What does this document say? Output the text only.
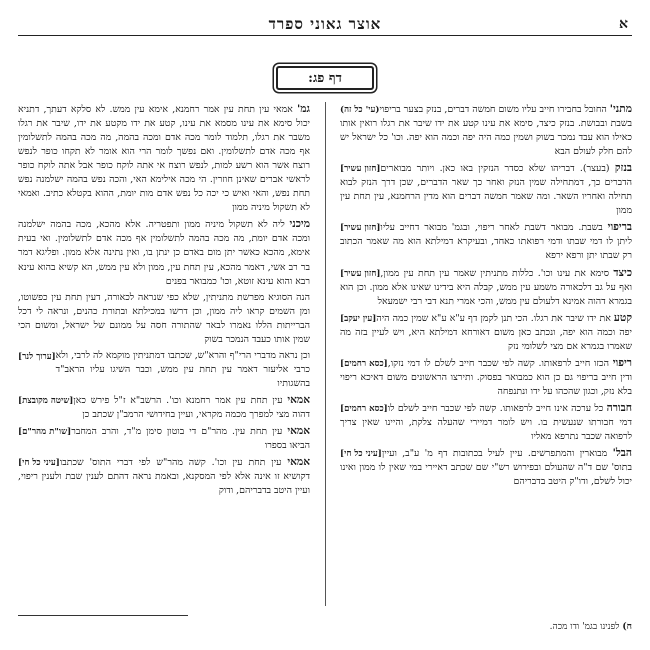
אוצר גאוני ספרד	א
דף פג:
(עי' כל זה)	מתני' החובל בחבירו חייב עליו משום חמשה דברים, בנזק בצער בריפוי בשבת ובבושת. בנזק כיצד, סימא את עינו קטע את ידו שיבר את רגלו רואין אותו כאילו הוא עבד נמכר בשוק ושמין כמה היה יפה וכמה הוא יפה. וכו' כל ישראל יש להם חלק לעולם הבא
[חזון עשיר]	בנזק (בעצר). דבריהו שלא כסדר הנזקין באו כאן. ויותר מבוארים הדברים כך, דמתחילה שמין הנזק ואחר כך שאר הדברים, שכן דרך הנזק לבוא תחילה ואחריו השאר. ומה שאמר חמשה דברים הוא מדין הרחמנא, עין תחת עין ממון
[חזון עשיר]	בריפוי בשבת. מבואר דשבת לאחר ריפוי, ובגמ' מבואר דחייב עליו ליתן לו דמי שבתו ודמי רפואתו כאחד, ובעיקרא דמילתא הוא מה שאמר הכתוב רק שבתו יתן ורפא ירפא
[חזון עשיר]	כיצד סימא את עינו וכו'. כללות מתניתין שאמר עין תחת עין ממון, ואף על גב דלכאורה משמע עין ממש, קבלה היא בידינו שאינו אלא ממון. וכן הוא בגמרא דהוה אמינא דלעולם עין ממש, והכי אמרי תנא דבי רבי ישמעאל
[עין יעקב]	קטע את ידו שיבר את רגלו. הכי תנן לקמן דף ע"א ע"א שמין כמה היה יפה וכמה הוא יפה, ונכתב כאן משום דאורחא דמילתא היא, ויש לעיין בזה מה שאמרו בגמרא אם מצי לשלומי נזק
[כסא רחמים]	ריפוי הכזו חייב לרפאותו. קשה לפי שכבר חייב לשלם לו דמי נזקו, ודין חייב בריפוי גם כן הוא כמבואר בפסוק. ותירצו הראשונים משום דאיכא ריפוי בלא נזק, וכגון שהכהו על ידו ונתנפחה
[כסא רחמים]	חבורה כל ערכה אינו חייב לרפאותו. קשה לפי שכבר חייב לשלם לו דמי חבורתו שנעשית בו. ויש לומר דמיירי שהעלה צלקת, והיינו שאין צריך לרפואה שכבר נתרפא מאליו
[עיני כל חי]	הבל' מבוארין והמתפרשים. עיין לעיל בכתובות דף מ' ע"ב, ועיין בתוס' שם ד"ה שהעולם ובפירוש רש"י שם שכתב דאיירי במי שאין לו ממון ואינו יכול לשלם, ודו"ק היטב בדבריהם
גמ' אמאי עין תחת עין אמר רחמנא, אימא עין ממש. לא סלקא דעתך, דתניא יכול סימא את עינו מסמא את עינו, קטע את ידו מקטע את ידו, שיבר את רגלו משבר את רגלו, תלמוד לומר מכה אדם ומכה בהמה, מה מכה בהמה לתשלומין אף מכה אדם לתשלומין. ואם נפשך לומר הרי הוא אומר לא תקחו כופר לנפש רוצח אשר הוא רשע למות, לנפש רוצח אי אתה לוקח כופר אבל אתה לוקח כופר לראשי אברים שאינן חוזרין. הי מכה אילימא האי, והכה נפש בהמה ישלמנה נפש תחת נפש, והאי ואיש כי יכה כל נפש אדם מות יומת, ההוא בקטלא כתיב. ואמאי לא תשקול מיניה ממון
מיכני ליה לא תשקול מיניה ממון ותפטריה. אלא מהכא, מכה בהמה ישלמנה ומכה אדם יומת, מה מכה בהמה לתשלומין אף מכה אדם לתשלומין. ואי בעית אימא, מהכא כאשר יתן מום באדם כן ינתן בו, ואין נתינה אלא ממון. ופליגא דמר בר רב אשי, דאמר מהכא, עין תחת עין, ממון ולא עין ממש, הא קשיא בהוא עינא רבא והוא עינא זוטא, וכו' כמבואר בפנים
הנה הסוגיא מפרשת מתניתין, שלא כפי שנראה לכאורה, דעין תחת עין כפשוטו, ומן השמים קראו ליה ממון, וכן דרשו במכילתא ובתורת כהנים, ונראה לי דכל הברייתות הללו נאמרו לבאר שהתורה חסה על ממונם של ישראל, ומשום הכי שמין אותו כעבד הנמכר בשוק
[ערוך לנר] וכן נראה מדברי הרי"ף והרא"ש, שכתבו דמתניתין מוקמא לה לרבי, ולא כרבי אליעזר דאמר עין תחת עין ממש, וכבר השיגו עליו הראב"ד בהשגותיו
[שיטה מקובצת]	אמאי עין תחת עין אמר רחמנא וכו'. הרשב"א ז"ל פירש כאן דהוה מצי למפרך מכמה מקראי, ועיין בחידושי הרמב"ן שכתב כן
[שו"ת מהר"ם]	אמאי עין תחת עין. מהר"ם די בוטון סימן מ"ד, והרב המחבר הביאו בספרו
[עיני כל חי]	אמאי עין תחת עין וכו'. קשה מהר"ש לפי דברי התוס' שכתבו דקושיא זו אינה אלא לפי המסקנא, ובאמת נראה דהתם לענין שבת ולענין ריפוי, ועיין היטב בדבריהם, ודוק
ח) לפנינו בגמ' ודו מכה.
